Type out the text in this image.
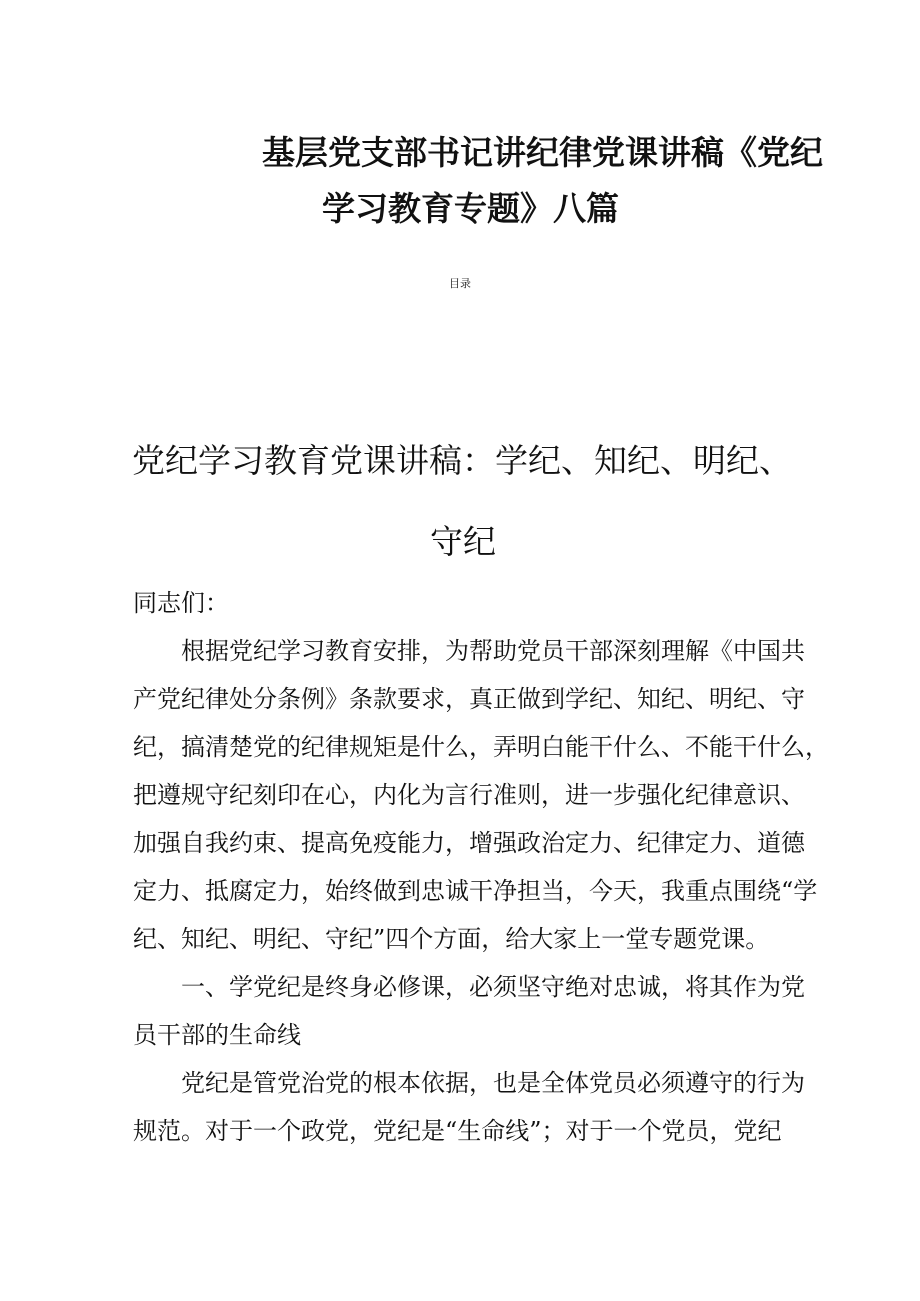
基层党支部书记讲纪律党课讲稿《党纪
学习教育专题》八篇
目录
党纪学习教育党课讲稿：学纪、知纪、明纪、
守纪
同志们：
根据党纪学习教育安排，为帮助党员干部深刻理解《中国共
产党纪律处分条例》条款要求，真正做到学纪、知纪、明纪、守
纪，搞清楚党的纪律规矩是什么，弄明白能干什么、不能干什么，
把遵规守纪刻印在心，内化为言行准则，进一步强化纪律意识、
加强自我约束、提高免疫能力，增强政治定力、纪律定力、道德
定力、抵腐定力，始终做到忠诚干净担当，今天，我重点围绕“学
纪、知纪、明纪、守纪”四个方面，给大家上一堂专题党课。
一、学党纪是终身必修课，必须坚守绝对忠诚，将其作为党
员干部的生命线
党纪是管党治党的根本依据，也是全体党员必须遵守的行为
规范。对于一个政党，党纪是“生命线”；对于一个党员，党纪
